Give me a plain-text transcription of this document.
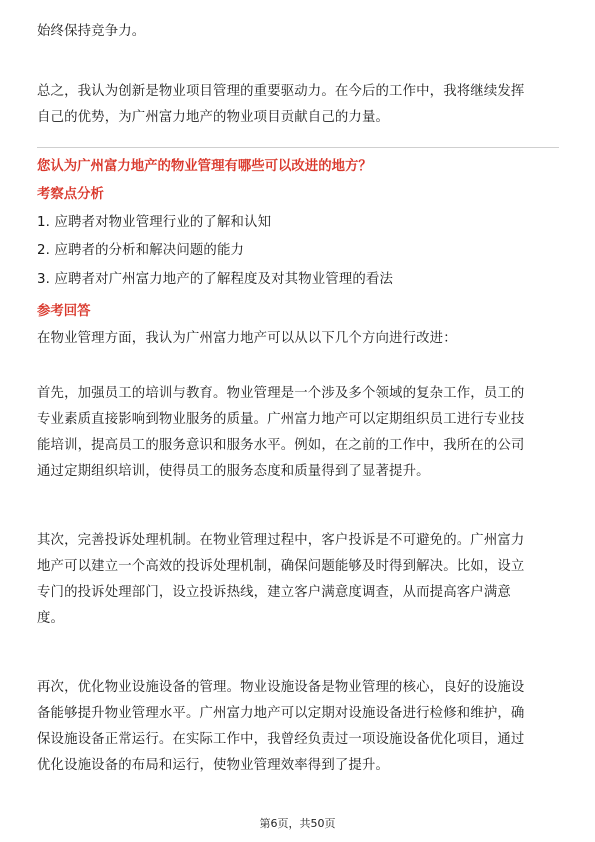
始终保持竞争力。

总之，我认为创新是物业项目管理的重要驱动力。在今后的工作中，我将继续发挥
自己的优势，为广州富力地产的物业项目贡献自己的力量。

您认为广州富力地产的物业管理有哪些可以改进的地方？
考察点分析
1. 应聘者对物业管理行业的了解和认知
2. 应聘者的分析和解决问题的能力
3. 应聘者对广州富力地产的了解程度及对其物业管理的看法
参考回答
在物业管理方面，我认为广州富力地产可以从以下几个方向进行改进：

首先，加强员工的培训与教育。物业管理是一个涉及多个领域的复杂工作，员工的
专业素质直接影响到物业服务的质量。广州富力地产可以定期组织员工进行专业技
能培训，提高员工的服务意识和服务水平。例如，在之前的工作中，我所在的公司
通过定期组织培训，使得员工的服务态度和质量得到了显著提升。

其次，完善投诉处理机制。在物业管理过程中，客户投诉是不可避免的。广州富力
地产可以建立一个高效的投诉处理机制，确保问题能够及时得到解决。比如，设立
专门的投诉处理部门，设立投诉热线，建立客户满意度调查，从而提高客户满意
度。

再次，优化物业设施设备的管理。物业设施设备是物业管理的核心，良好的设施设
备能够提升物业管理水平。广州富力地产可以定期对设施设备进行检修和维护，确
保设施设备正常运行。在实际工作中，我曾经负责过一项设施设备优化项目，通过
优化设施设备的布局和运行，使物业管理效率得到了提升。

第6页，共50页
